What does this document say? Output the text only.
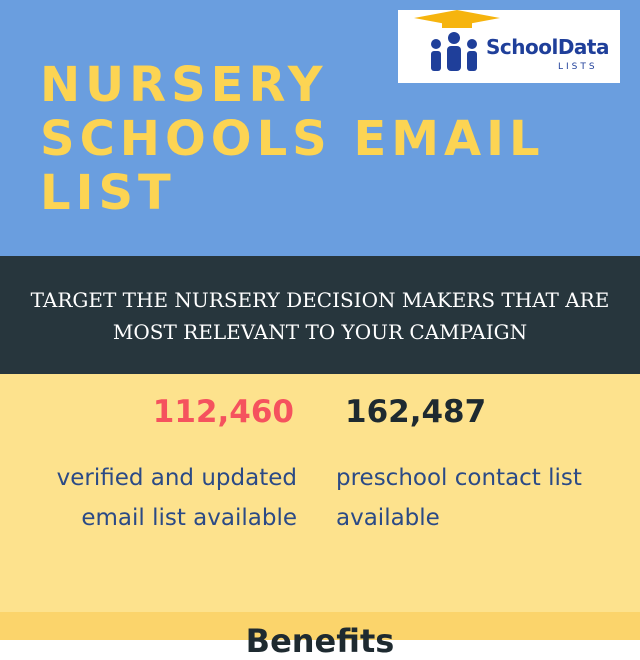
SchoolData
LISTS
NURSERY SCHOOLS EMAIL LIST

TARGET THE NURSERY DECISION MAKERS THAT ARE MOST RELEVANT TO YOUR CAMPAIGN

112,460 162,487

verified and updated email list available

preschool contact list available

Benefits
